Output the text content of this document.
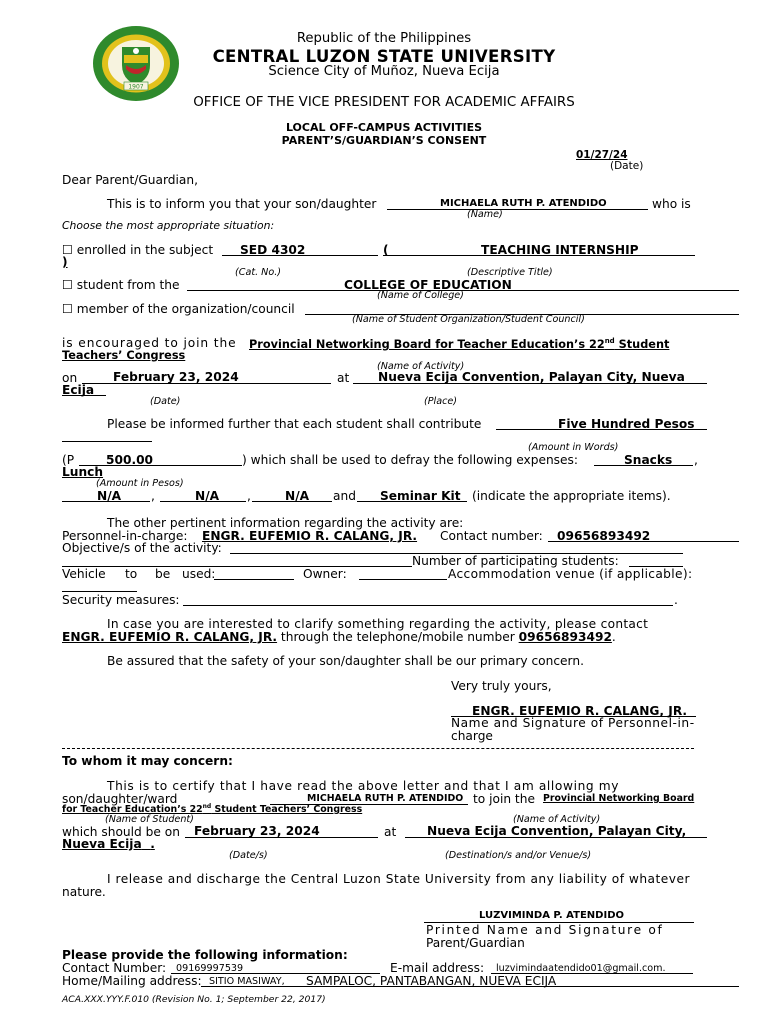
1907
Republic of the Philippines
CENTRAL LUZON STATE UNIVERSITY
Science City of Muñoz, Nueva Ecija
OFFICE OF THE VICE PRESIDENT FOR ACADEMIC AFFAIRS
LOCAL OFF-CAMPUS ACTIVITIES
PARENT’S/GUARDIAN’S CONSENT
01/27/24
(Date)
Dear Parent/Guardian,
This is to inform you that your son/daughter	MICHAELA RUTH P. ATENDIDO	who is
(Name)
Choose the most appropriate situation:
☐ enrolled in the subject SED 4302	(	TEACHING INTERNSHIP
)
(Cat. No.)	(Descriptive Title)
☐ student from the	COLLEGE OF EDUCATION
(Name of College)
☐ member of the organization/council
(Name of Student Organization/Student Council)
is encouraged to join the Provincial Networking Board for Teacher Education’s 22nd Student
Teachers’ Congress
(Name of Activity)
on	February 23, 2024	at Nueva Ecija Convention, Palayan City, Nueva
Ecija
(Date)	(Place)
Please be informed further that each student shall contribute	Five Hundred Pesos
(Amount in Words)
(P	500.00	) which shall be used to defray the following expenses:	Snacks ,
Lunch
(Amount in Pesos)
N/A ,	N/A ,	N/A and Seminar Kit (indicate the appropriate items).
The other pertinent information regarding the activity are:
Personnel-in-charge: ENGR. EUFEMIO R. CALANG, JR. Contact number: 09656893492
Objective/s of the activity:
Number of participating students:
Vehicle to be used:	Owner:	Accommodation venue (if applicable):
Security measures:	.
In case you are interested to clarify something regarding the activity, please contact
ENGR. EUFEMIO R. CALANG, JR. through the telephone/mobile number 09656893492.
Be assured that the safety of your son/daughter shall be our primary concern.
Very truly yours,
ENGR. EUFEMIO R. CALANG, JR.
Name and Signature of Personnel-in-
charge
To whom it may concern:
This is to certify that I have read the above letter and that I am allowing my
son/daughter/ward	MICHAELA RUTH P. ATENDIDO to join the Provincial Networking Board
for Teacher Education’s 22nd Student Teachers’ Congress
(Name of Student)	(Name of Activity)
which should be on February 23, 2024	at	Nueva Ecija Convention, Palayan City,
Nueva Ecija .
(Date/s)	(Destination/s and/or Venue/s)
I release and discharge the Central Luzon State University from any liability of whatever
nature.
LUZVIMINDA P. ATENDIDO
Printed Name and Signature of
Parent/Guardian
Please provide the following information:
Contact Number: 09169997539	E-mail address: luzvimindaatendido01@gmail.com.
Home/Mailing address: SITIO MASIWAY, SAMPALOC, PANTABANGAN, NUEVA ECIJA
ACA.XXX.YYY.F.010 (Revision No. 1; September 22, 2017)
